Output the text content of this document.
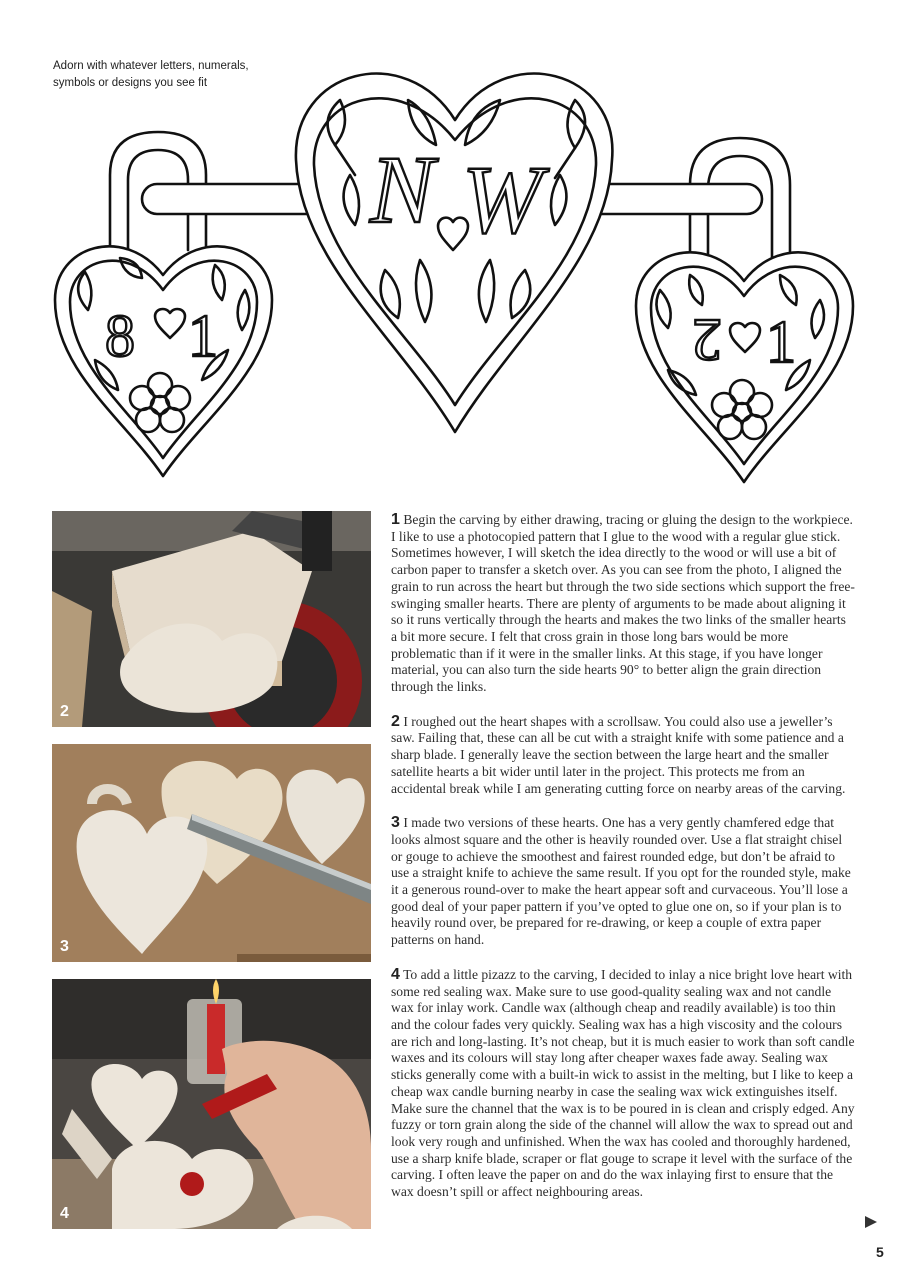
Adorn with whatever letters, numerals, symbols or designs you see fit
N W
8 1	2 1
2
3
4

1 Begin the carving by either drawing, tracing or gluing the design to the workpiece. I like to use a photocopied pattern that I glue to the wood with a regular glue stick. Sometimes however, I will sketch the idea directly to the wood or will use a bit of carbon paper to transfer a sketch over. As you can see from the photo, I aligned the grain to run across the heart but through the two side sections which support the free-swinging smaller hearts. There are plenty of arguments to be made about aligning it so it runs vertically through the hearts and makes the two links of the smaller hearts a bit more secure. I felt that cross grain in those long bars would be more problematic than if it were in the smaller links. At this stage, if you have longer material, you can also turn the side hearts 90° to better align the grain direction through the links.

2 I roughed out the heart shapes with a scrollsaw. You could also use a jeweller’s saw. Failing that, these can all be cut with a straight knife with some patience and a sharp blade. I generally leave the section between the large heart and the smaller satellite hearts a bit wider until later in the project. This protects me from an accidental break while I am generating cutting force on nearby areas of the carving.

3 I made two versions of these hearts. One has a very gently chamfered edge that looks almost square and the other is heavily rounded over. Use a flat straight chisel or gouge to achieve the smoothest and fairest rounded edge, but don’t be afraid to use a straight knife to achieve the same result. If you opt for the rounded style, make it a generous round-over to make the heart appear soft and curvaceous. You’ll lose a good deal of your paper pattern if you’ve opted to glue one on, so if your plan is to heavily round over, be prepared for re-drawing, or keep a couple of extra paper patterns on hand.

4 To add a little pizazz to the carving, I decided to inlay a nice bright love heart with some red sealing wax. Make sure to use good-quality sealing wax and not candle wax for inlay work. Candle wax (although cheap and readily available) is too thin and the colour fades very quickly. Sealing wax has a high viscosity and the colours are rich and long-lasting. It’s not cheap, but it is much easier to work than soft candle waxes and its colours will stay long after cheaper waxes fade away. Sealing wax sticks generally come with a built-in wick to assist in the melting, but I like to keep a cheap wax candle burning nearby in case the sealing wax wick extinguishes itself. Make sure the channel that the wax is to be poured in is clean and crisply edged. Any fuzzy or torn grain along the side of the channel will allow the wax to spread out and look very rough and unfinished. When the wax has cooled and thoroughly hardened, use a sharp knife blade, scraper or flat gouge to scrape it level with the surface of the carving. I often leave the paper on and do the wax inlaying first to ensure that the wax doesn’t spill or affect neighbouring areas.

5
